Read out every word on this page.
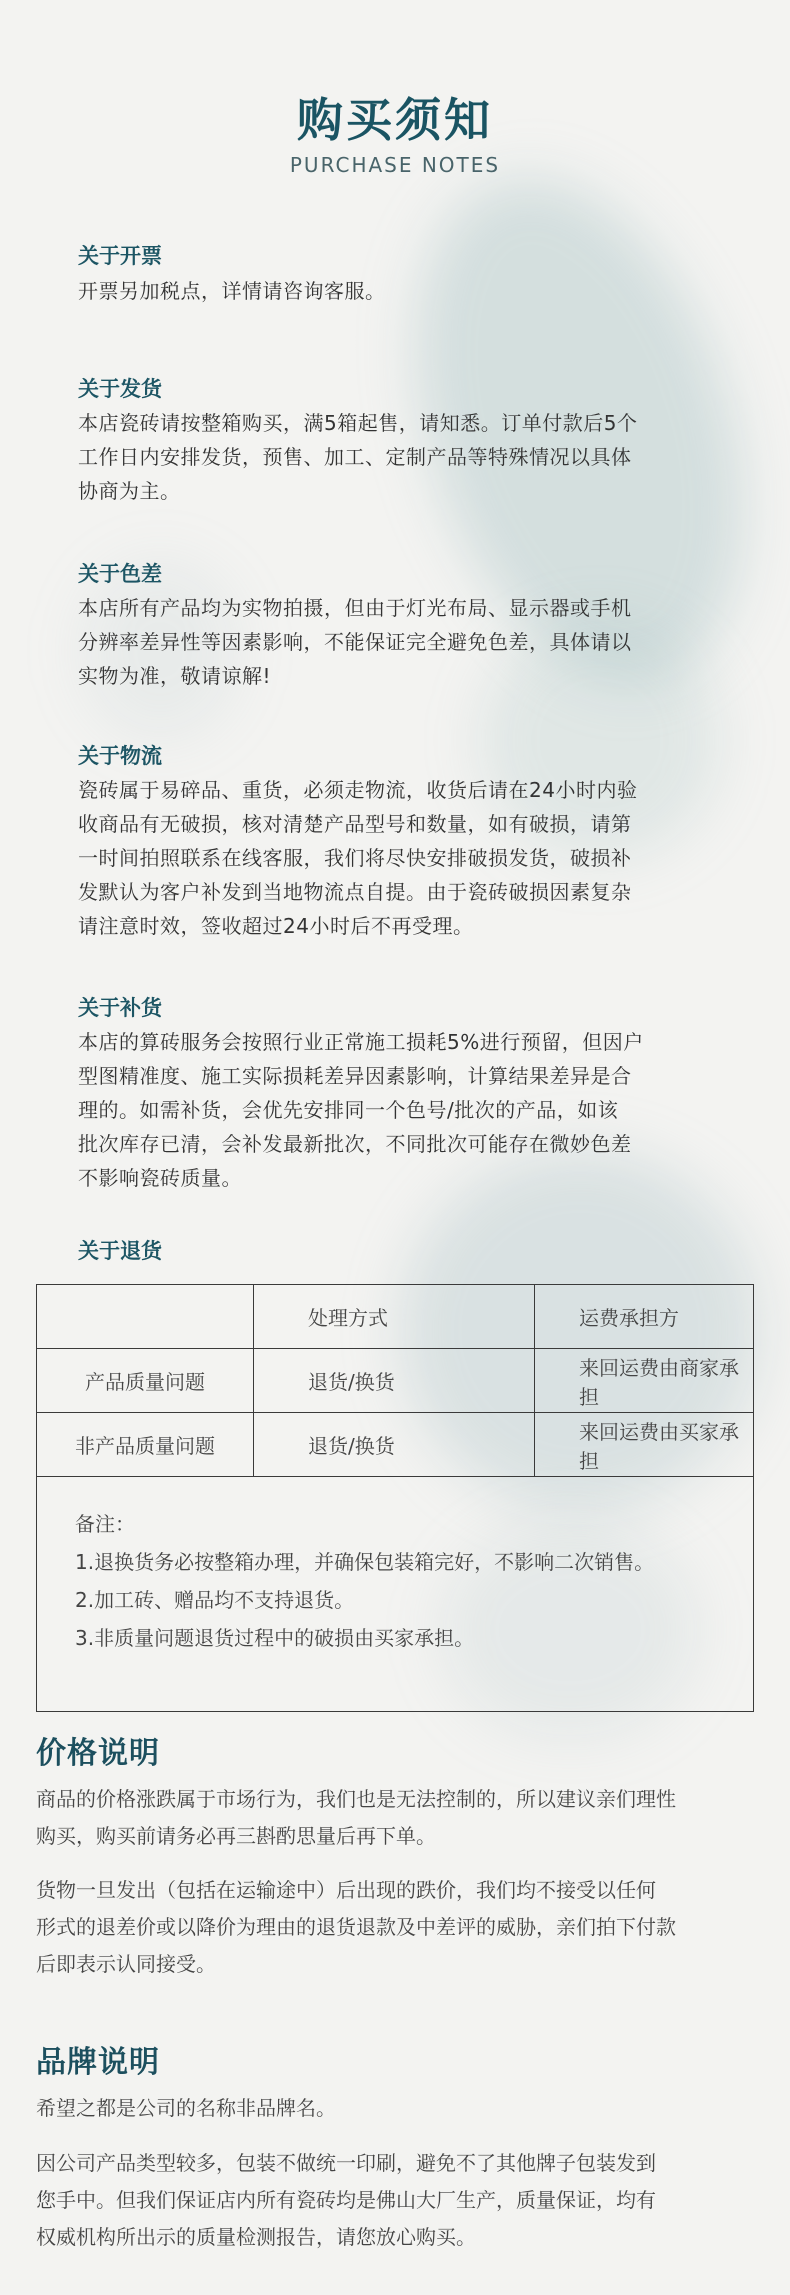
购买须知
PURCHASE NOTES
关于开票
开票另加税点，详情请咨询客服。
关于发货
本店瓷砖请按整箱购买，满5箱起售，请知悉。订单付款后5个
工作日内安排发货，预售、加工、定制产品等特殊情况以具体
协商为主。
关于色差
本店所有产品均为实物拍摄，但由于灯光布局、显示器或手机
分辨率差异性等因素影响，不能保证完全避免色差，具体请以
实物为准，敬请谅解!
关于物流
瓷砖属于易碎品、重货，必须走物流，收货后请在24小时内验
收商品有无破损，核对清楚产品型号和数量，如有破损，请第
一时间拍照联系在线客服，我们将尽快安排破损发货，破损补
发默认为客户补发到当地物流点自提。由于瓷砖破损因素复杂
请注意时效，签收超过24小时后不再受理。
关于补货
本店的算砖服务会按照行业正常施工损耗5%进行预留，但因户
型图精准度、施工实际损耗差异因素影响，计算结果差异是合
理的。如需补货，会优先安排同一个色号/批次的产品，如该
批次库存已清，会补发最新批次，不同批次可能存在微妙色差
不影响瓷砖质量。
关于退货
	处理方式	运费承担方
产品质量问题	退货/换货	来回运费由商家承担
非产品质量问题	退货/换货	来回运费由买家承担

备注：
1.退换货务必按整箱办理，并确保包装箱完好，不影响二次销售。
2.加工砖、赠品均不支持退货。
3.非质量问题退货过程中的破损由买家承担。		
价格说明
商品的价格涨跌属于市场行为，我们也是无法控制的，所以建议亲们理性
购买，购买前请务必再三斟酌思量后再下单。
货物一旦发出（包括在运输途中）后出现的跌价，我们均不接受以任何
形式的退差价或以降价为理由的退货退款及中差评的威胁，亲们拍下付款
后即表示认同接受。
品牌说明
希望之都是公司的名称非品牌名。
因公司产品类型较多，包装不做统一印刷，避免不了其他牌子包装发到
您手中。但我们保证店内所有瓷砖均是佛山大厂生产，质量保证，均有
权威机构所出示的质量检测报告，请您放心购买。
